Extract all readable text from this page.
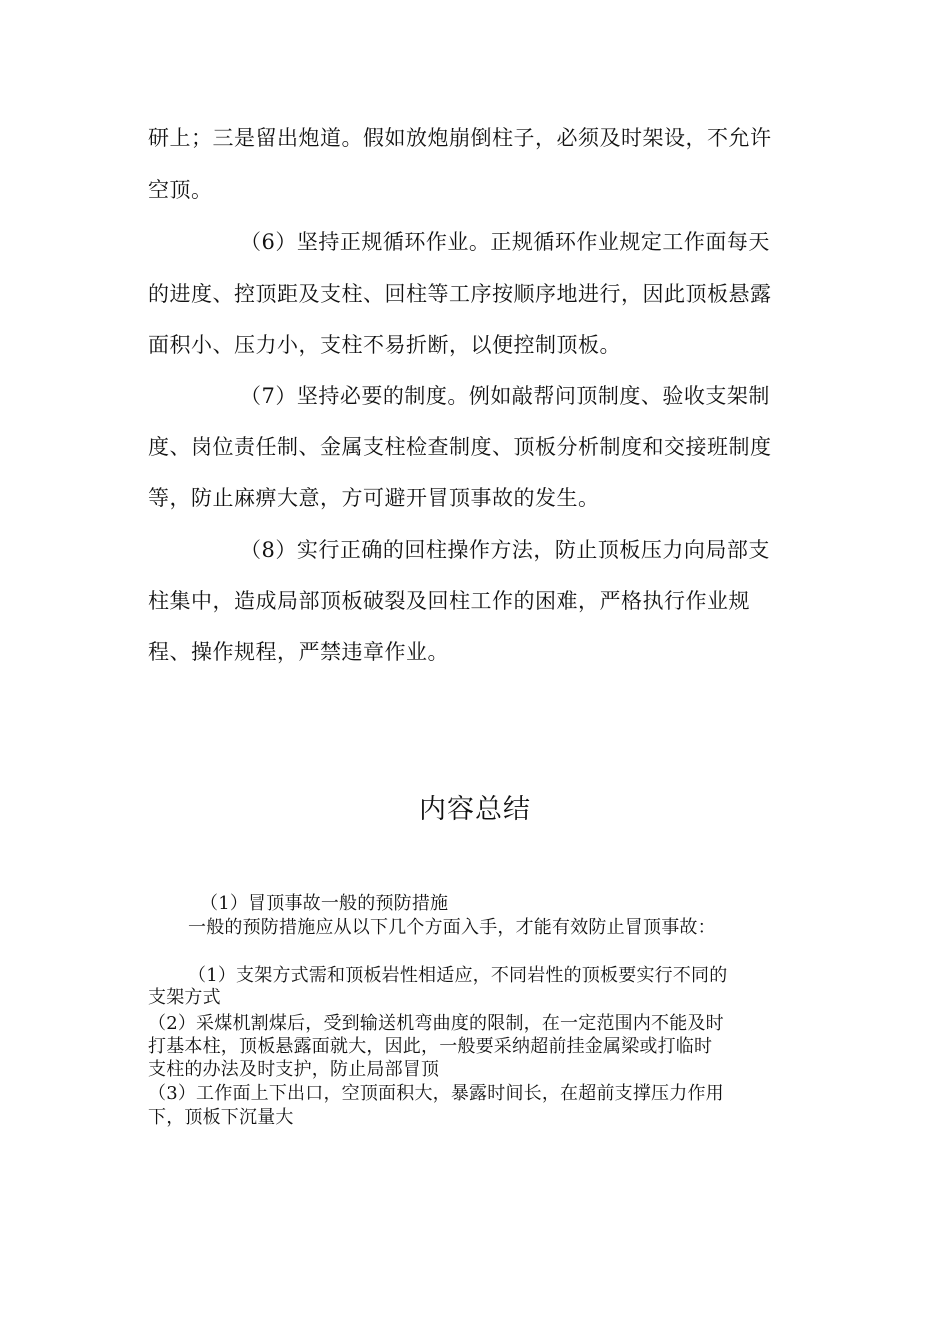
研上；三是留出炮道。假如放炮崩倒柱子，必须及时架设，不允许
空顶。
（6）坚持正规循环作业。正规循环作业规定工作面每天
的进度、控顶距及支柱、回柱等工序按顺序地进行，因此顶板悬露
面积小、压力小，支柱不易折断，以便控制顶板。
（7）坚持必要的制度。例如敲帮问顶制度、验收支架制
度、岗位责任制、金属支柱检查制度、顶板分析制度和交接班制度
等，防止麻痹大意，方可避开冒顶事故的发生。
（8）实行正确的回柱操作方法，防止顶板压力向局部支
柱集中，造成局部顶板破裂及回柱工作的困难，严格执行作业规
程、操作规程，严禁违章作业。
内容总结
（1）冒顶事故一般的预防措施
一般的预防措施应从以下几个方面入手，才能有效防止冒顶事故：
（1）支架方式需和顶板岩性相适应，不同岩性的顶板要实行不同的
支架方式
（2）采煤机割煤后，受到输送机弯曲度的限制，在一定范围内不能及时
打基本柱，顶板悬露面就大，因此，一般要采纳超前挂金属梁或打临时
支柱的办法及时支护，防止局部冒顶
（3）工作面上下出口，空顶面积大，暴露时间长，在超前支撑压力作用
下，顶板下沉量大
